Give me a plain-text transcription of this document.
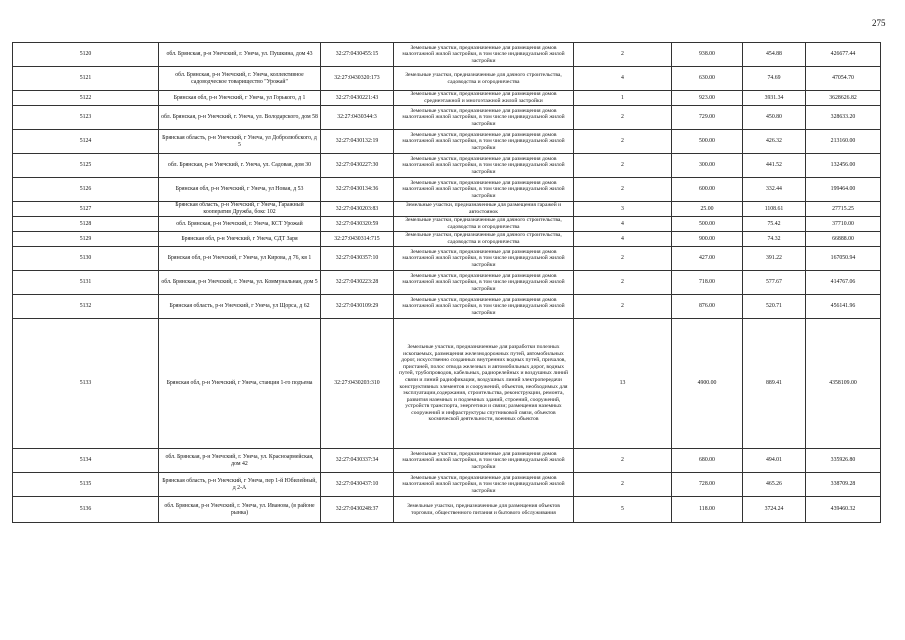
275
5120	обл. Брянская, р-н Унечский, г. Унеча, ул. Пушкина, дом 43	32:27:0430455:15	Земельные участки, предназначенные для размещения домов малоэтажной жилой застройки, в том числе индивидуальной жилой застройки	2	938.00	454.88	426677.44
5121	обл. Брянская, р-н Унечский, г. Унеча, коллективное садоводческое товарищество "Урожай"	32:27:0430320:173	Земельные участки, предназначенные для дачного строительства, садоводства и огородничества	4	630.00	74.69	47054.70
5122	Брянская обл, р-н Унечский, г Унеча, ул Горького, д 1	32:27:0430221:43	Земельные участки, предназначенные для размещения домов среднеэтажной и многоэтажной жилой застройки	1	923.00	3931.34	3628626.82
5123	обл. Брянская, р-н Унечский, г. Унеча, ул. Володарского, дом 58	32:27:0430344:3	Земельные участки, предназначенные для размещения домов малоэтажной жилой застройки, в том числе индивидуальной жилой застройки	2	729.00	450.80	328633.20
5124	Брянская область, р-н Унечский, г Унеча, ул Добролюбского, д 5	32:27:0430132:19	Земельные участки, предназначенные для размещения домов малоэтажной жилой застройки, в том числе индивидуальной жилой застройки	2	500.00	426.32	213160.00
5125	обл. Брянская, р-н Унечский, г. Унеча, ул. Садовая, дом 30	32:27:0430227:30	Земельные участки, предназначенные для размещения домов малоэтажной жилой застройки, в том числе индивидуальной жилой застройки	2	300.00	441.52	132456.00
5126	Брянская обл, р-н Унечский, г Унеча, ул Новая, д 53	32:27:0430134:36	Земельные участки, предназначенные для размещения домов малоэтажной жилой застройки, в том числе индивидуальной жилой застройки	2	600.00	332.44	199464.00
5127	Брянская область, р-н Унечский, г Унеча, Гаражный кооператив Дружба, бокс 102	32:27:0430203:83	Земельные участки, предназначенные для размещения гаражей и автостоянок	3	25.00	1108.61	27715.25
5128	обл. Брянская, р-н Унечский, г. Унеча, КСТ Урожай	32:27:0430320:59	Земельные участки, предназначенные для дачного строительства, садоводства и огородничества	4	500.00	75.42	37710.00
5129	Брянская обл, р-н Унечский, г Унеча, СДТ Заря	32:27:0430314:715	Земельные участки, предназначенные для дачного строительства, садоводства и огородничества	4	900.00	74.32	66888.00
5130	Брянская обл, р-н Унечский, г Унеча, ул Кирова, д 76, кв 1	32:27:0430357:10	Земельные участки, предназначенные для размещения домов малоэтажной жилой застройки, в том числе индивидуальной жилой застройки	2	427.00	391.22	167050.94
5131	обл. Брянская, р-н Унечский, г. Унеча, ул. Коммунальная, дом 5	32:27:0430223:28	Земельные участки, предназначенные для размещения домов малоэтажной жилой застройки, в том числе индивидуальной жилой застройки	2	718.00	577.67	414767.06
5132	Брянская область, р-н Унечский, г Унеча, ул Щорса, д 62	32:27:0430109:29	Земельные участки, предназначенные для размещения домов малоэтажной жилой застройки, в том числе индивидуальной жилой застройки	2	876.00	520.71	456141.96
5133	Брянская обл, р-н Унечский, г Унеча, станция 1-го подъема	32:27:0430203:310	Земельные участки, предназначенные для разработки полезных ископаемых, размещения железнодорожных путей, автомобильных дорог, искусственно созданных внутренних водных путей, причалов, пристаней, полос отвода железных и автомобильных дорог, водных путей, трубопроводов, кабельных, радиорелейных и воздушных линий связи и линий радиофикации, воздушных линий электропередачи конструктивных элементов и сооружений, объектов, необходимых для эксплуатации,содержания, строительства, реконструкции, ремонта, развития наземных и подземных зданий, строений, сооружений, устройств транспорта, энергетики и связи; размещения наземных сооружений и инфраструктуры спутниковой связи, объектов космической деятельности, военных объектов	13	4900.00	889.41	4358109.00
5134	обл. Брянская, р-н Унечский, г. Унеча, ул. Красноармейская, дом 42	32:27:0430337:34	Земельные участки, предназначенные для размещения домов малоэтажной жилой застройки, в том числе индивидуальной жилой застройки	2	680.00	494.01	335926.80
5135	Брянская область, р-н Унечский, г Унеча, пер 1-й Юбилейный, д 2-А	32:27:0430437:10	Земельные участки, предназначенные для размещения домов малоэтажной жилой застройки, в том числе индивидуальной жилой застройки	2	728.00	465.26	338709.28
5136	обл. Брянская, р-н Унечский, г. Унеча, ул. Иванова, (в районе рынка)	32:27:0430248:37	Земельные участки, предназначенные для размещения объектов торговли, общественного питания и бытового обслуживания	5	118.00	3724.24	439460.32
